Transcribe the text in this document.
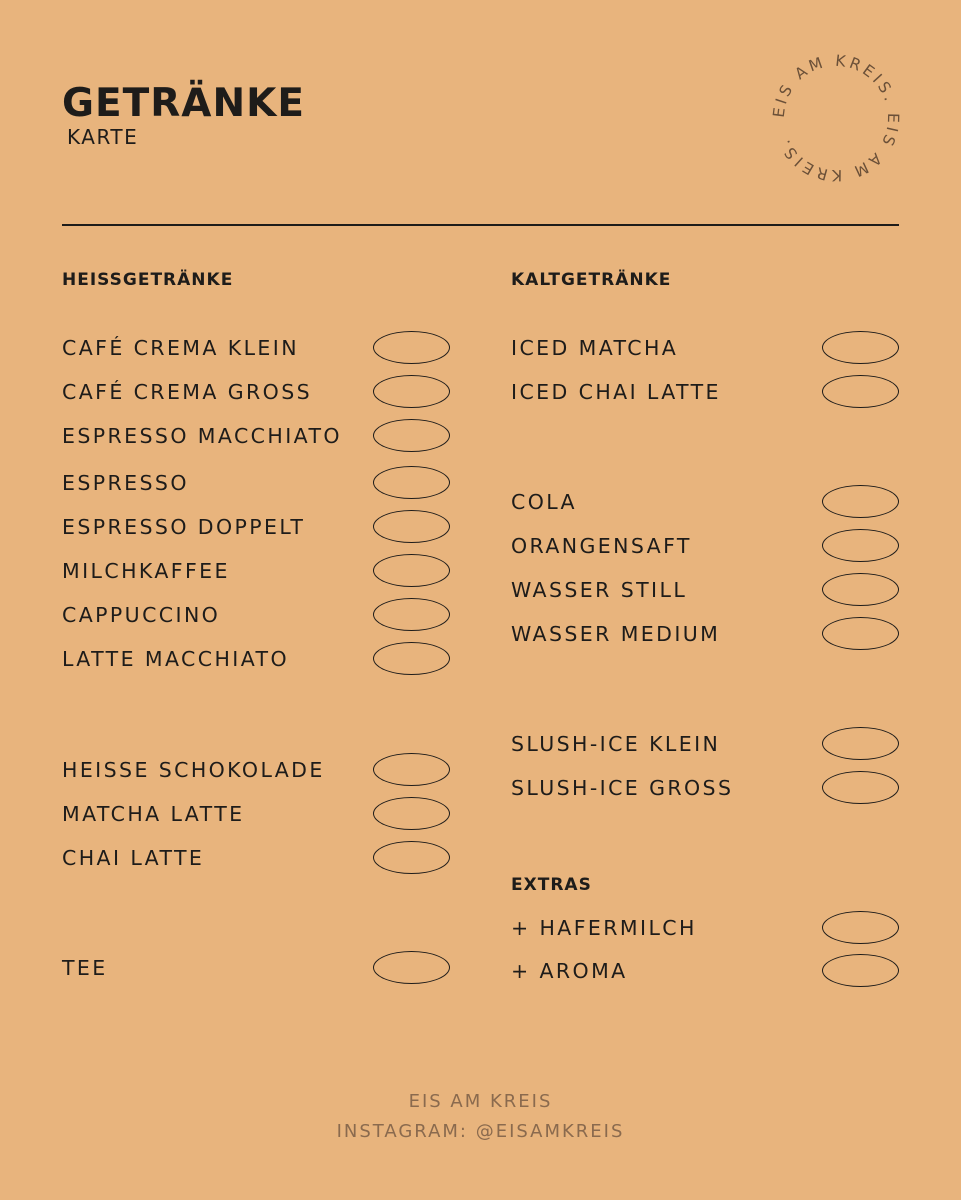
GETRÄNKE
KARTE
EIS AM KREIS. EIS AM KREIS.
HEISSGETRÄNKE
CAFÉ CREMA KLEIN
CAFÉ CREMA GROSS
ESPRESSO MACCHIATO
ESPRESSO
ESPRESSO DOPPELT
MILCHKAFFEE
CAPPUCCINO
LATTE MACCHIATO
HEISSE SCHOKOLADE
MATCHA LATTE
CHAI LATTE
TEE
KALTGETRÄNKE
ICED MATCHA
ICED CHAI LATTE
COLA
ORANGENSAFT
WASSER STILL
WASSER MEDIUM
SLUSH-ICE KLEIN
SLUSH-ICE GROSS
EXTRAS
+ HAFERMILCH
+ AROMA
EIS AM KREIS
INSTAGRAM: @EISAMKREIS
